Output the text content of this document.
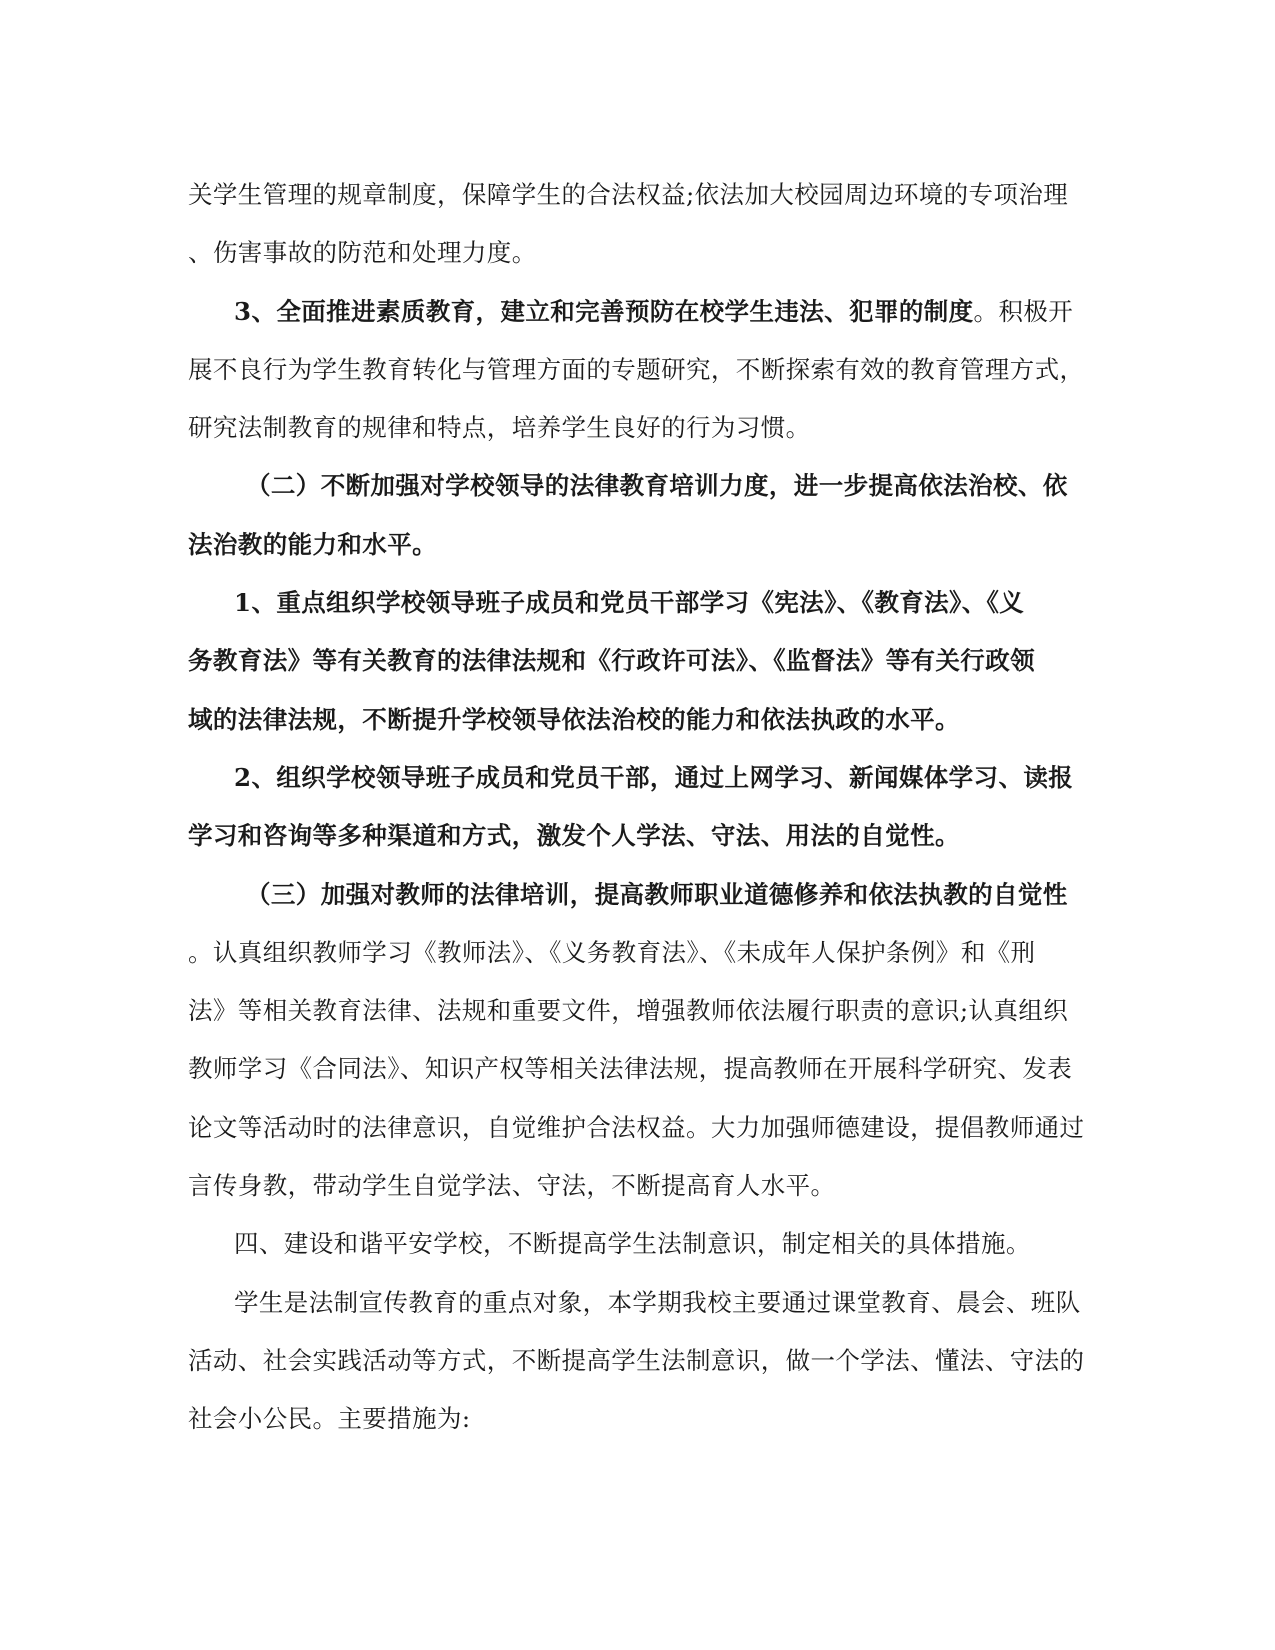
关学生管理的规章制度，保障学生的合法权益;依法加大校园周边环境的专项治理
、伤害事故的防范和处理力度。
3、全面推进素质教育，建立和完善预防在校学生违法、犯罪的制度。积极开
展不良行为学生教育转化与管理方面的专题研究，不断探索有效的教育管理方式，
研究法制教育的规律和特点，培养学生良好的行为习惯。
（二）不断加强对学校领导的法律教育培训力度，进一步提高依法治校、依
法治教的能力和水平。
1、重点组织学校领导班子成员和党员干部学习《宪法》、《教育法》、《义
务教育法》等有关教育的法律法规和《行政许可法》、《监督法》等有关行政领
域的法律法规，不断提升学校领导依法治校的能力和依法执政的水平。
2、组织学校领导班子成员和党员干部，通过上网学习、新闻媒体学习、读报
学习和咨询等多种渠道和方式，激发个人学法、守法、用法的自觉性。
（三）加强对教师的法律培训，提高教师职业道德修养和依法执教的自觉性
。认真组织教师学习《教师法》、《义务教育法》、《未成年人保护条例》和《刑
法》等相关教育法律、法规和重要文件，增强教师依法履行职责的意识;认真组织
教师学习《合同法》、知识产权等相关法律法规，提高教师在开展科学研究、发表
论文等活动时的法律意识，自觉维护合法权益。大力加强师德建设，提倡教师通过
言传身教，带动学生自觉学法、守法，不断提高育人水平。
四、建设和谐平安学校，不断提高学生法制意识，制定相关的具体措施。
学生是法制宣传教育的重点对象，本学期我校主要通过课堂教育、晨会、班队
活动、社会实践活动等方式，不断提高学生法制意识，做一个学法、懂法、守法的
社会小公民。主要措施为:
